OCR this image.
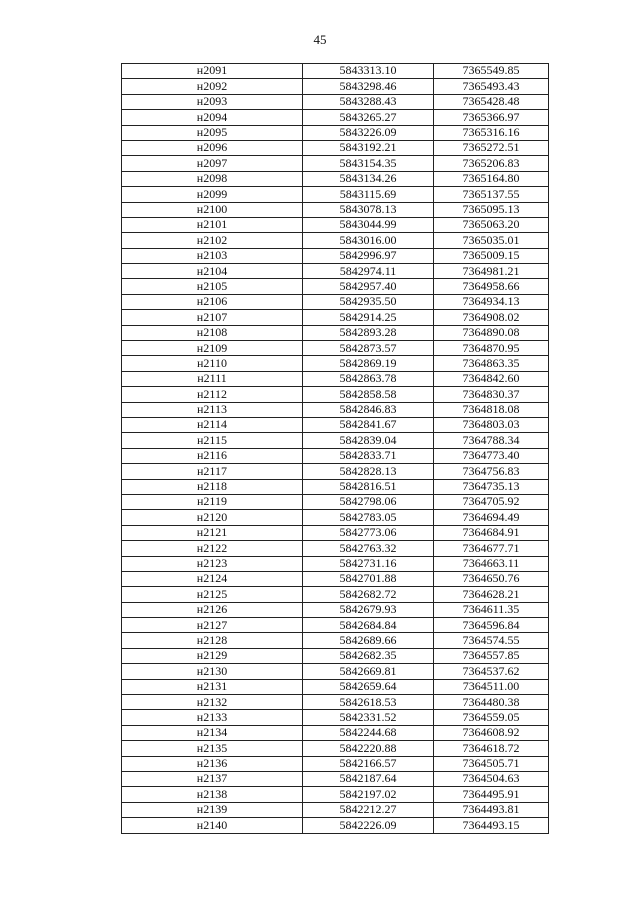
45
н2091	5843313.10	7365549.85
н2092	5843298.46	7365493.43
н2093	5843288.43	7365428.48
н2094	5843265.27	7365366.97
н2095	5843226.09	7365316.16
н2096	5843192.21	7365272.51
н2097	5843154.35	7365206.83
н2098	5843134.26	7365164.80
н2099	5843115.69	7365137.55
н2100	5843078.13	7365095.13
н2101	5843044.99	7365063.20
н2102	5843016.00	7365035.01
н2103	5842996.97	7365009.15
н2104	5842974.11	7364981.21
н2105	5842957.40	7364958.66
н2106	5842935.50	7364934.13
н2107	5842914.25	7364908.02
н2108	5842893.28	7364890.08
н2109	5842873.57	7364870.95
н2110	5842869.19	7364863.35
н2111	5842863.78	7364842.60
н2112	5842858.58	7364830.37
н2113	5842846.83	7364818.08
н2114	5842841.67	7364803.03
н2115	5842839.04	7364788.34
н2116	5842833.71	7364773.40
н2117	5842828.13	7364756.83
н2118	5842816.51	7364735.13
н2119	5842798.06	7364705.92
н2120	5842783.05	7364694.49
н2121	5842773.06	7364684.91
н2122	5842763.32	7364677.71
н2123	5842731.16	7364663.11
н2124	5842701.88	7364650.76
н2125	5842682.72	7364628.21
н2126	5842679.93	7364611.35
н2127	5842684.84	7364596.84
н2128	5842689.66	7364574.55
н2129	5842682.35	7364557.85
н2130	5842669.81	7364537.62
н2131	5842659.64	7364511.00
н2132	5842618.53	7364480.38
н2133	5842331.52	7364559.05
н2134	5842244.68	7364608.92
н2135	5842220.88	7364618.72
н2136	5842166.57	7364505.71
н2137	5842187.64	7364504.63
н2138	5842197.02	7364495.91
н2139	5842212.27	7364493.81
н2140	5842226.09	7364493.15
